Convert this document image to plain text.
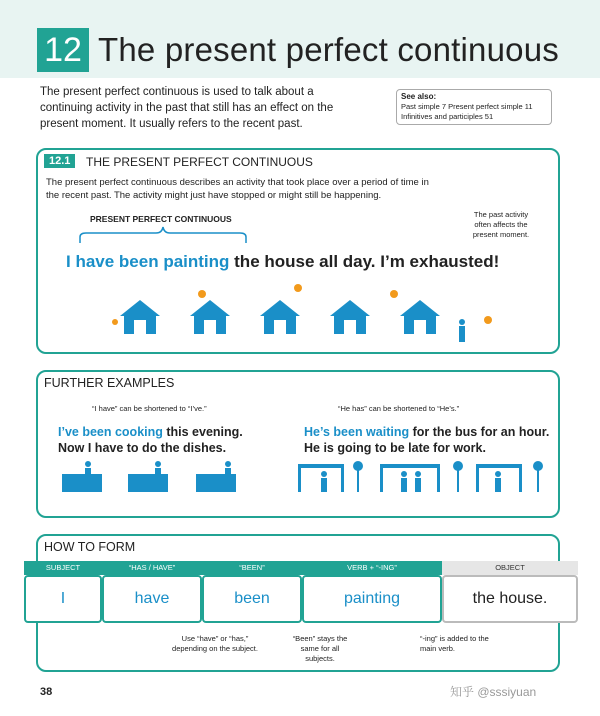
12 The present perfect continuous
The present perfect continuous is used to talk about a continuing activity in the past that still has an effect on the present moment. It usually refers to the recent past.
See also:
Past simple 7 Present perfect simple 11
Infinitives and participles 51
12.1	THE PRESENT PERFECT CONTINUOUS
The present perfect continuous describes an activity that took place over a period of time in the recent past. The activity might just have stopped or might still be happening.
PRESENT PERFECT CONTINUOUS	The past activity often affects the present moment.
I have been painting the house all day. I’m exhausted!
FURTHER EXAMPLES
“I have” can be shortened to “I’ve.”
I’ve been cooking this evening.
Now I have to do the dishes.
“He has” can be shortened to “He’s.”
He’s been waiting for the bus for an hour.
He is going to be late for work.
HOW TO FORM
SUBJECT	“HAS / HAVE”	“BEEN”	VERB + “-ING”	OBJECT
I	have	been	painting	the house.
Use “have” or “has,” depending on the subject.
“Been” stays the same for all subjects.
“-ing” is added to the main verb.
38	知乎 @sssiyuan
